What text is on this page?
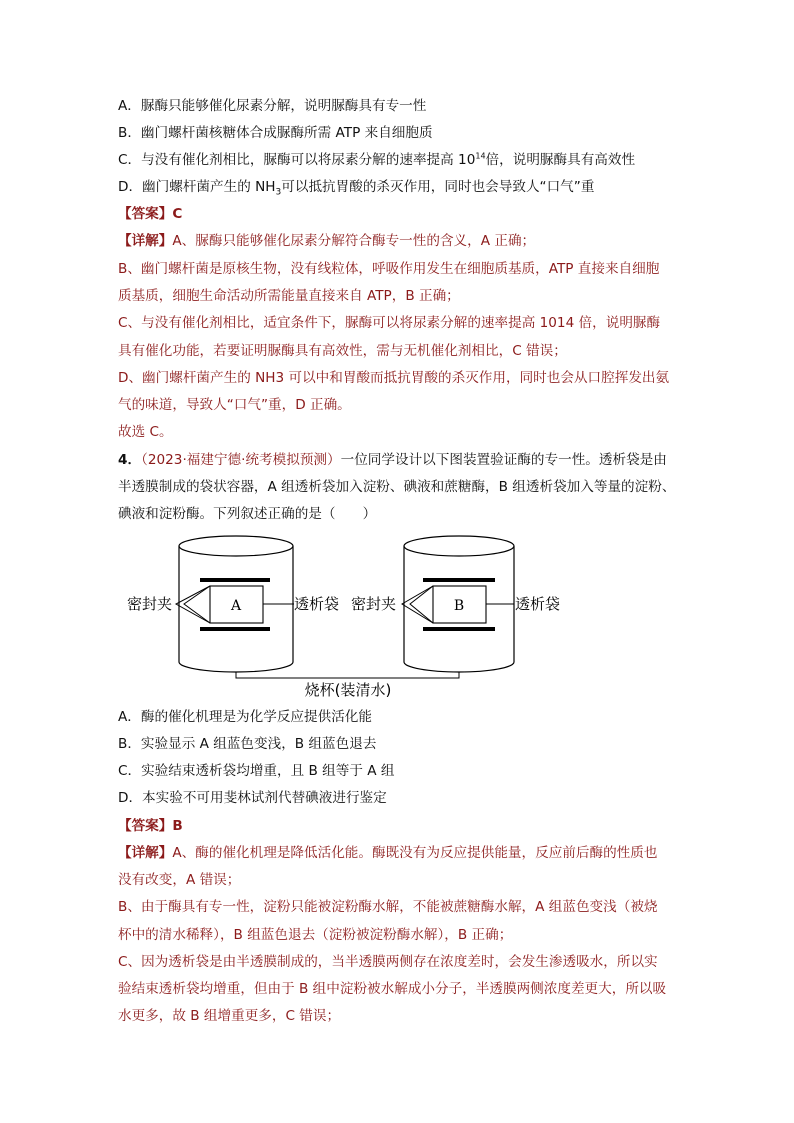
A．脲酶只能够催化尿素分解，说明脲酶具有专一性
B．幽门螺杆菌核糖体合成脲酶所需 ATP 来自细胞质
C．与没有催化剂相比，脲酶可以将尿素分解的速率提高 $10^{14}$倍，说明脲酶具有高效性
D．幽门螺杆菌产生的 $NH_3$可以抵抗胃酸的杀灭作用，同时也会导致人“口气”重
【答案】C
【详解】A、脲酶只能够催化尿素分解符合酶专一性的含义，A 正确；
B、幽门螺杆菌是原核生物，没有线粒体，呼吸作用发生在细胞质基质，ATP 直接来自细胞
质基质，细胞生命活动所需能量直接来自 ATP，B 正确；
C、与没有催化剂相比，适宜条件下，脲酶可以将尿素分解的速率提高 1014 倍，说明脲酶
具有催化功能，若要证明脲酶具有高效性，需与无机催化剂相比，C 错误；
D、幽门螺杆菌产生的 NH3 可以中和胃酸而抵抗胃酸的杀灭作用，同时也会从口腔挥发出氨
气的味道，导致人“口气”重，D 正确。
故选 C。
4．（2023·福建宁德·统考模拟预测）一位同学设计以下图装置验证酶的专一性。透析袋是由
半透膜制成的袋状容器，A 组透析袋加入淀粉、碘液和蔗糖酶，B 组透析袋加入等量的淀粉、
碘液和淀粉酶。下列叙述正确的是（　　）
A
密封夹	透析袋	B
密封夹	透析袋
烧杯(装清水)
A．酶的催化机理是为化学反应提供活化能
B．实验显示 A 组蓝色变浅，B 组蓝色退去
C．实验结束透析袋均增重，且 B 组等于 A 组
D．本实验不可用斐林试剂代替碘液进行鉴定
【答案】B
【详解】A、酶的催化机理是降低活化能。酶既没有为反应提供能量，反应前后酶的性质也
没有改变，A 错误；
B、由于酶具有专一性，淀粉只能被淀粉酶水解，不能被蔗糖酶水解，A 组蓝色变浅（被烧
杯中的清水稀释），B 组蓝色退去（淀粉被淀粉酶水解），B 正确；
C、因为透析袋是由半透膜制成的，当半透膜两侧存在浓度差时，会发生渗透吸水，所以实
验结束透析袋均增重，但由于 B 组中淀粉被水解成小分子，半透膜两侧浓度差更大，所以吸
水更多，故 B 组增重更多，C 错误；
